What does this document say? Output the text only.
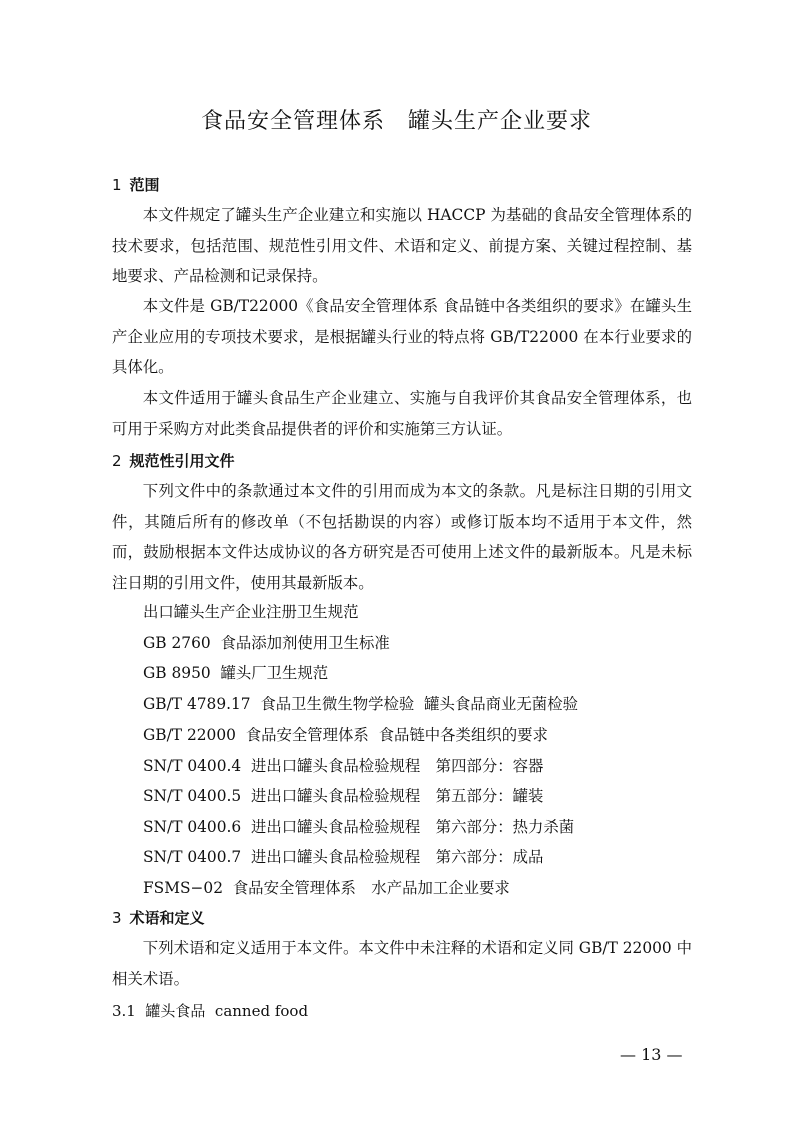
食品安全管理体系　罐头生产企业要求
1 范围

本文件规定了罐头生产企业建立和实施以 HACCP 为基础的食品安全管理体系的技术要求，包括范围、规范性引用文件、术语和定义、前提方案、关键过程控制、基地要求、产品检测和记录保持。

本文件是 GB/T22000《食品安全管理体系 食品链中各类组织的要求》在罐头生产企业应用的专项技术要求，是根据罐头行业的特点将 GB/T22000 在本行业要求的具体化。

本文件适用于罐头食品生产企业建立、实施与自我评价其食品安全管理体系，也可用于采购方对此类食品提供者的评价和实施第三方认证。

2 规范性引用文件

下列文件中的条款通过本文件的引用而成为本文的条款。凡是标注日期的引用文件，其随后所有的修改单（不包括勘误的内容）或修订版本均不适用于本文件，然而，鼓励根据本文件达成协议的各方研究是否可使用上述文件的最新版本。凡是未标注日期的引用文件，使用其最新版本。

出口罐头生产企业注册卫生规范
GB 2760  食品添加剂使用卫生标准
GB 8950  罐头厂卫生规范
GB/T 4789.17  食品卫生微生物学检验  罐头食品商业无菌检验
GB/T 22000  食品安全管理体系  食品链中各类组织的要求
SN/T 0400.4  进出口罐头食品检验规程　第四部分：容器
SN/T 0400.5  进出口罐头食品检验规程　第五部分：罐装
SN/T 0400.6  进出口罐头食品检验规程　第六部分：热力杀菌
SN/T 0400.7  进出口罐头食品检验规程　第六部分：成品
FSMS−02  食品安全管理体系　水产品加工企业要求
3 术语和定义

下列术语和定义适用于本文件。本文件中未注释的术语和定义同 GB/T 22000 中相关术语。

3.1  罐头食品  canned food
— 13 —
